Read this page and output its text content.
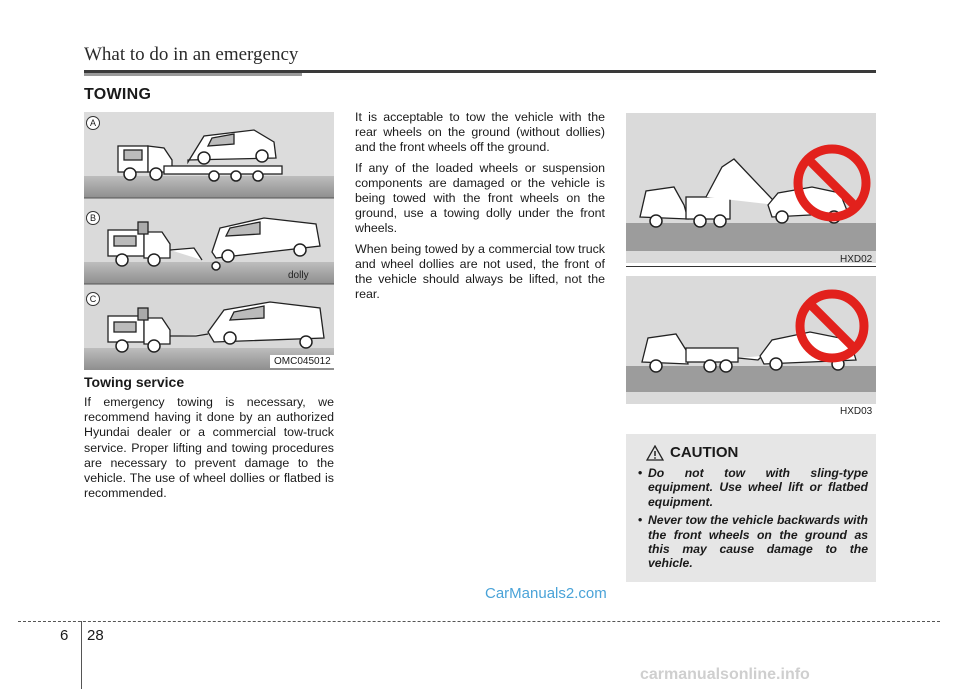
What to do in an emergency
TOWING
A
B
C
dolly
OMC045012
Towing service
If emergency towing is necessary, we recommend having it done by an authorized Hyundai dealer or a commercial tow-truck service. Proper lifting and towing procedures are necessary to prevent damage to the vehicle. The use of wheel dollies or flatbed is recommended.

It is acceptable to tow the vehicle with the rear wheels on the ground (without dollies) and the front wheels off the ground.

If any of the loaded wheels or suspension components are damaged or the vehicle is being towed with the front wheels on the ground, use a towing dolly under the front wheels.

When being towed by a commercial tow truck and wheel dollies are not used, the front of the vehicle should always be lifted, not the rear.

HXD02
HXD03
CAUTION
• Do not tow with sling-type equipment. Use wheel lift or flatbed equipment.
• Never tow the vehicle backwards with the front wheels on the ground as this may cause damage to the vehicle.
CarManuals2.com
6 28
carmanualsonline.info
